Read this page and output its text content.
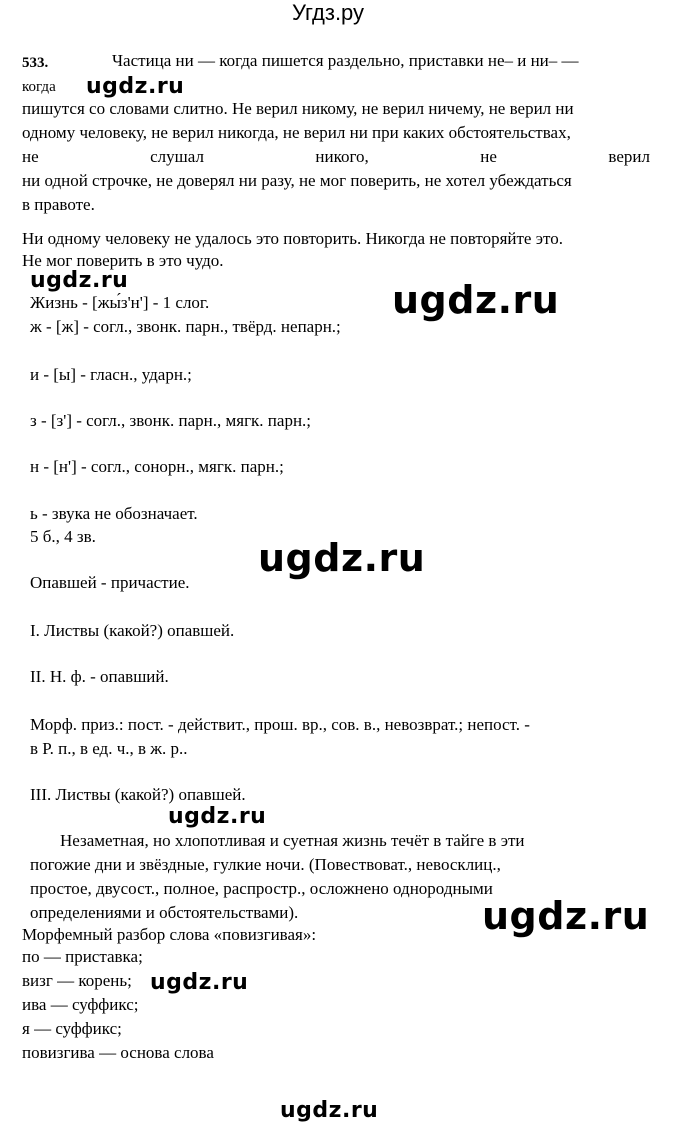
Угдз.ру
533.	Частица ни — когда пишется раздельно, приставки не– и ни– —
когда
пишутся со словами слитно. Не верил никому, не верил ничему, не верил ни
одному человеку, не верил никогда, не верил ни при каких обстоятельствах,
не	слушал	никого,	не	верил
ни одной строчке, не доверял ни разу, не мог поверить, не хотел убеждаться
в правоте.
Ни одному человеку не удалось это повторить. Никогда не повторяйте это.
Не мог поверить в это чудо.
Жизнь - [жы́з'н'] - 1 слог.
ж - [ж] - согл., звонк. парн., твёрд. непарн.;
и - [ы] - гласн., ударн.;
з - [з'] - согл., звонк. парн., мягк. парн.;
н - [н'] - согл., сонорн., мягк. парн.;
ь - звука не обозначает.
5 б., 4 зв.
Опавшей - причастие.
I. Листвы (какой?) опавшей.
II. Н. ф. - опавший.
Морф. приз.: пост. - действит., прош. вр., сов. в., невозврат.; непост. -
в Р. п., в ед. ч., в ж. р..
III. Листвы (какой?) опавшей.
Незаметная, но хлопотливая и суетная жизнь течёт в тайге в эти
погожие дни и звёздные, гулкие ночи. (Повествоват., невосклиц.,
простое, двусост., полное, распростр., осложнено однородными
определениями и обстоятельствами).
Морфемный разбор слова «повизгивая»:
по — приставка;
визг — корень;
ива — суффикс;
я — суффикс;
повизгива — основа слова
ugdz.ru
ugdz.ru	ugdz.ru
ugdz.ru
ugdz.ru
ugdz.ru
ugdz.ru
ugdz.ru
